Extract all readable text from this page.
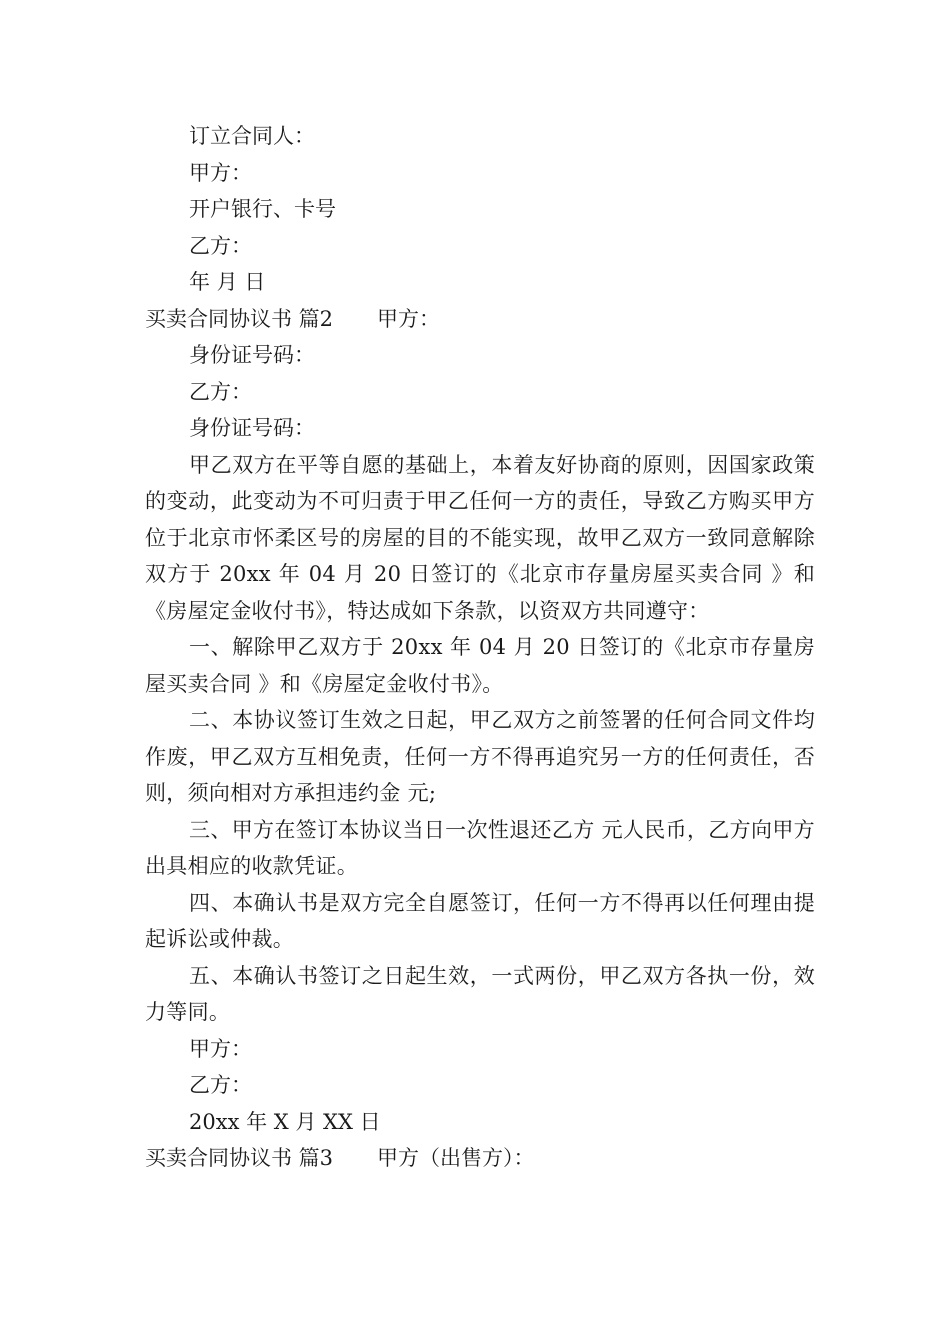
订立合同人：
甲方：
开户银行、卡号
乙方：
年 月 日
买卖合同协议书 篇2 甲方：
身份证号码：
乙方：
身份证号码：

甲乙双方在平等自愿的基础上，本着友好协商的原则，因国家政策的变动，此变动为不可归责于甲乙任何一方的责任，导致乙方购买甲方位于北京市怀柔区号的房屋的目的不能实现，故甲乙双方一致同意解除双方于 20xx 年 04 月 20 日签订的《北京市存量房屋买卖合同 》和《房屋定金收付书》，特达成如下条款，以资双方共同遵守：

一、解除甲乙双方于 20xx 年 04 月 20 日签订的《北京市存量房屋买卖合同 》和《房屋定金收付书》。

二、本协议签订生效之日起，甲乙双方之前签署的任何合同文件均作废，甲乙双方互相免责，任何一方不得再追究另一方的任何责任，否则，须向相对方承担违约金 元;

三、甲方在签订本协议当日一次性退还乙方 元人民币，乙方向甲方出具相应的收款凭证。

四、本确认书是双方完全自愿签订，任何一方不得再以任何理由提起诉讼或仲裁。

五、本确认书签订之日起生效，一式两份，甲乙双方各执一份，效力等同。

甲方：
乙方：
20xx 年 X 月 XX 日
买卖合同协议书 篇3 甲方（出售方）：
